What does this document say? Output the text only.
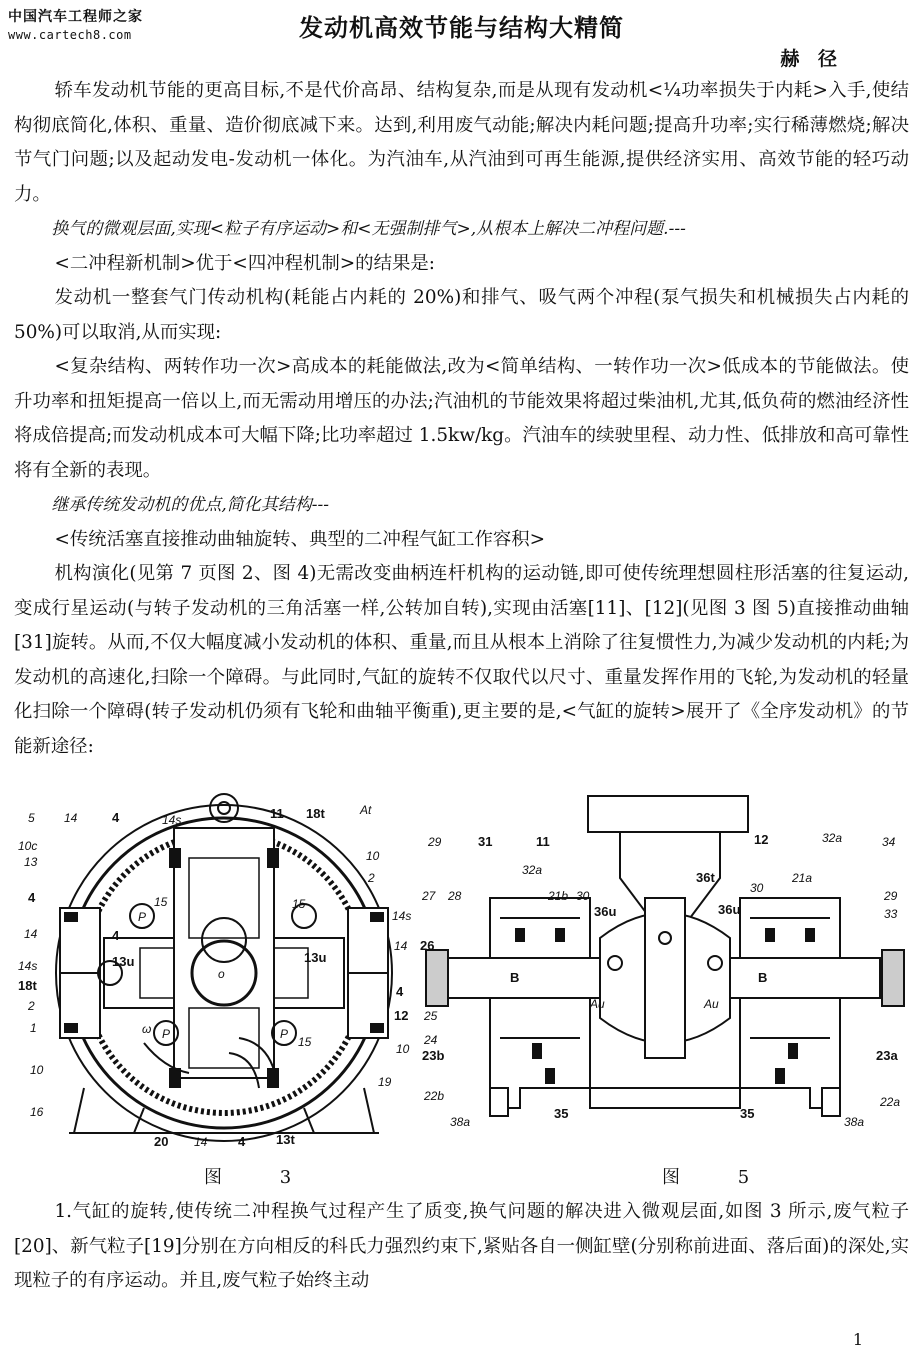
中国汽车工程师之家
www.cartech8.com	发动机高效节能与结构大精简
赫 径

轿车发动机节能的更高目标,不是代价高昂、结构复杂,而是从现有发动机<¼功率损失于内耗>入手,使结构彻底简化,体积、重量、造价彻底减下来。达到,利用废气动能;解决内耗问题;提高升功率;实行稀薄燃烧;解决节气门问题;以及起动发电-发动机一体化。为汽油车,从汽油到可再生能源,提供经济实用、高效节能的轻巧动力。

换气的微观层面,实现<粒子有序运动>和<无强制排气>,从根本上解决二冲程问题.---

<二冲程新机制>优于<四冲程机制>的结果是:

发动机一整套气门传动机构(耗能占内耗的 20%)和排气、吸气两个冲程(泵气损失和机械损失占内耗的 50%)可以取消,从而实现:

<复杂结构、两转作功一次>高成本的耗能做法,改为<简单结构、一转作功一次>低成本的节能做法。使升功率和扭矩提高一倍以上,而无需动用增压的办法;汽油机的节能效果将超过柴油机,尤其,低负荷的燃油经济性将成倍提高;而发动机成本可大幅下降;比功率超过 1.5kw/kg。汽油车的续驶里程、动力性、低排放和高可靠性将有全新的表现。

继承传统发动机的优点,简化其结构---

<传统活塞直接推动曲轴旋转、典型的二冲程气缸工作容积>

机构演化(见第 7 页图 2、图 4)无需改变曲柄连杆机构的运动链,即可使传统理想圆柱形活塞的往复运动,变成行星运动(与转子发动机的三角活塞一样,公转加自转),实现由活塞[11]、[12](见图 3 图 5)直接推动曲轴[31]旋转。从而,不仅大幅度减小发动机的体积、重量,而且从根本上消除了往复惯性力,为减少发动机的内耗;为发动机的高速化,扫除一个障碍。与此同时,气缸的旋转不仅取代以尺寸、重量发挥作用的飞轮,为发动机的轻量化扫除一个障碍(转子发动机仍须有飞轮和曲轴平衡重),更主要的是,<气缸的旋转>展开了《全序发动机》的节能新途径:

5 14	4	14s	11 18t	At
10c
13	10
2
4	15
P
15
14s
14	4
13u
o
13u
14
14s
18t	4
2
P
12
1	ω	P
15	10
10
16
19
20 14 4 13t
29	31	11	12	32a	34
32a	36t	21a
27 28	21b 30
30
29
33
36u	36u
26
B	B
Au	Au
25
24
23b	23a
22b	22a
38a
35	35
38a
图 3	图 5

1.气缸的旋转,使传统二冲程换气过程产生了质变,换气问题的解决进入微观层面,如图 3 所示,废气粒子[20]、新气粒子[19]分别在方向相反的科氏力强烈约束下,紧贴各自一侧缸壁(分别称前进面、落后面)的深处,实现粒子的有序运动。并且,废气粒子始终主动

1
